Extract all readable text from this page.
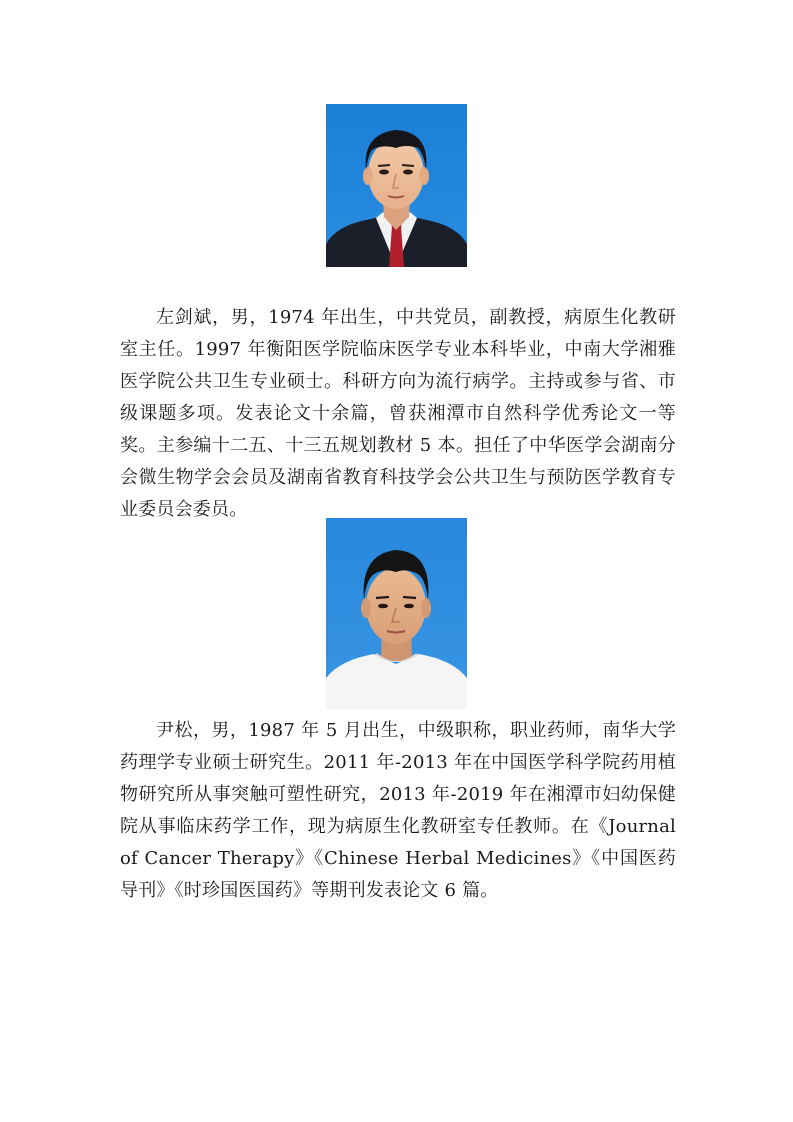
左剑斌，男，1974 年出生，中共党员，副教授，病原生化教研室主任。1997 年衡阳医学院临床医学专业本科毕业，中南大学湘雅医学院公共卫生专业硕士。科研方向为流行病学。主持或参与省、市级课题多项。发表论文十余篇，曾获湘潭市自然科学优秀论文一等奖。主参编十二五、十三五规划教材 5 本。担任了中华医学会湖南分会微生物学会会员及湖南省教育科技学会公共卫生与预防医学教育专业委员会委员。

尹松，男，1987 年 5 月出生，中级职称，职业药师，南华大学药理学专业硕士研究生。2011 年-2013 年在中国医学科学院药用植物研究所从事突触可塑性研究，2013 年-2019 年在湘潭市妇幼保健院从事临床药学工作，现为病原生化教研室专任教师。在《Journal of Cancer Therapy》《Chinese Herbal Medicines》《中国医药导刊》《时珍国医国药》等期刊发表论文 6 篇。
